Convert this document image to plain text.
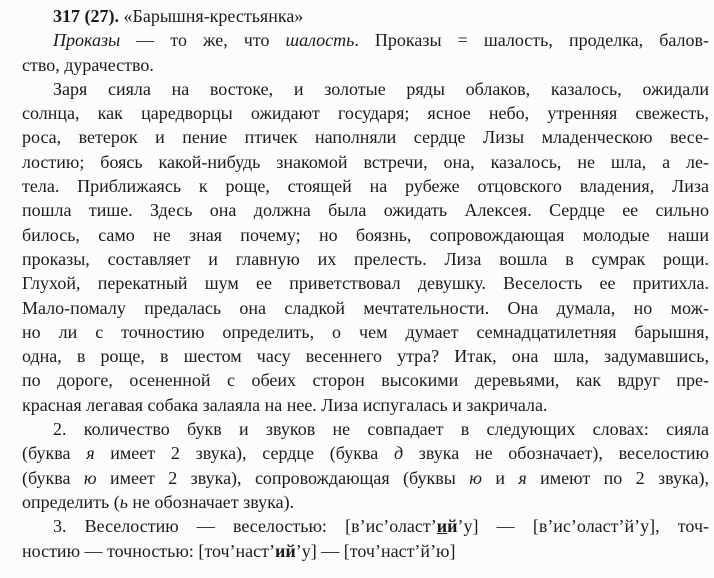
317 (27). «Барышня-крестьянка»
Проказы — то же, что шалость. Проказы = шалость, проделка, балов-
ство, дурачество.
Заря сияла на востоке, и золотые ряды облаков, казалось, ожидали
солнца, как царедворцы ожидают государя; ясное небо, утренняя свежесть,
роса, ветерок и пение птичек наполняли сердце Лизы младенческою весе-
лостию; боясь какой-нибудь знакомой встречи, она, казалось, не шла, а ле-
тела. Приближаясь к роще, стоящей на рубеже отцовского владения, Лиза
пошла тише. Здесь она должна была ожидать Алексея. Сердце ее сильно
билось, само не зная почему; но боязнь, сопровождающая молодые наши
проказы, составляет и главную их прелесть. Лиза вошла в сумрак рощи.
Глухой, перекатный шум ее приветствовал девушку. Веселость ее притихла.
Мало-помалу предалась она сладкой мечтательности. Она думала, но мож-
но ли с точностию определить, о чем думает семнадцатилетняя барышня,
одна, в роще, в шестом часу весеннего утра? Итак, она шла, задумавшись,
по дороге, осененной с обеих сторон высокими деревьями, как вдруг пре-
красная легавая собака залаяла на нее. Лиза испугалась и закричала.
2. количество букв и звуков не совпадает в следующих словах: сияла
(буква я имеет 2 звука), сердце (буква д звука не обозначает), веселостию
(буква ю имеет 2 звука), сопровождающая (буквы ю и я имеют по 2 звука),
определить (ь не обозначает звука).
3. Веселостию — веселостью: [в’ис’оласт’ий’у] — [в’ис’оласт’й’у], точ-
ностию — точностью: [точ’наст’ий’у] — [точ’наст’й’ю]
